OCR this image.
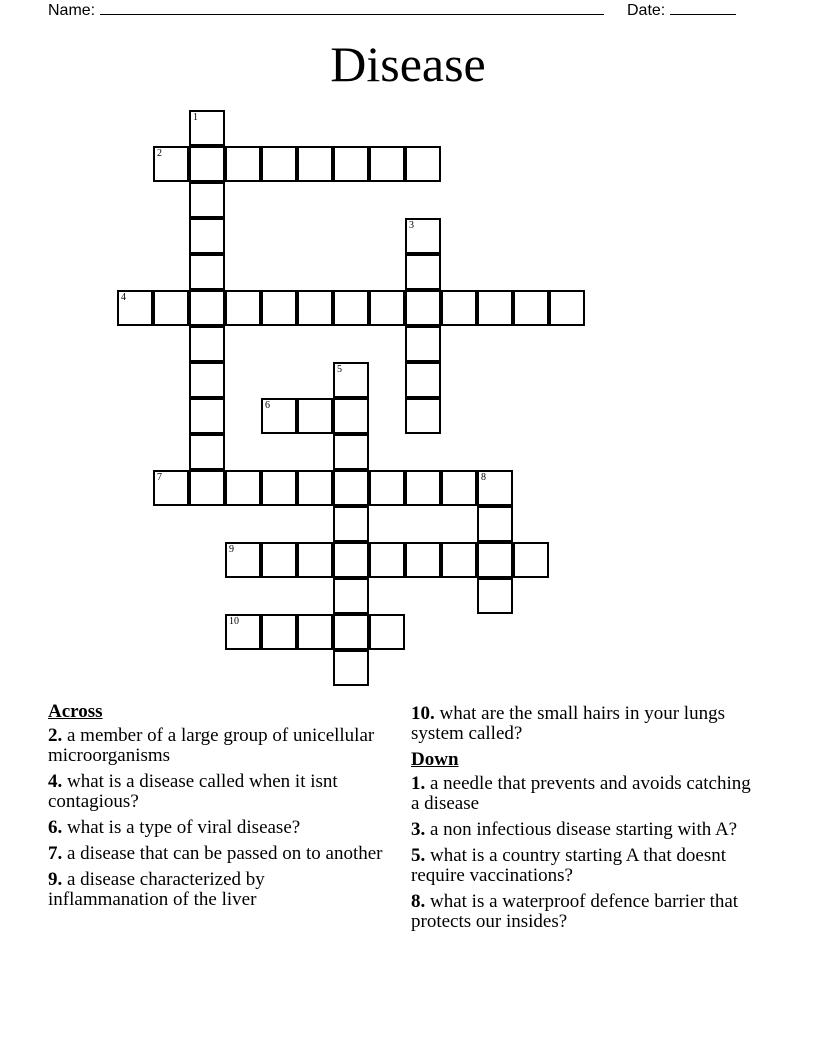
Name:	Date:
Disease
1
2
3
4
5
6
7	8
9
10
Across
2. a member of a large group of unicellular microorganisms
4. what is a disease called when it isnt contagious?
6. what is a type of viral disease?
7. a disease that can be passed on to another
9. a disease characterized by inflammanation of the liver
10. what are the small hairs in your lungs system called?
Down
1. a needle that prevents and avoids catching a disease
3. a non infectious disease starting with A?
5. what is a country starting A that doesnt require vaccinations?
8. what is a waterproof defence barrier that protects our insides?
